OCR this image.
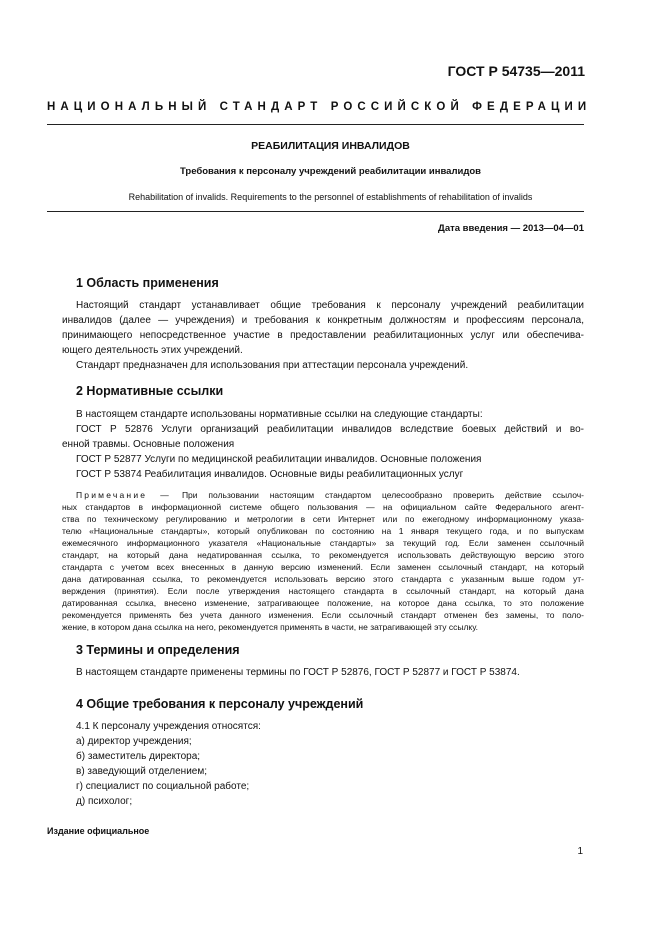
ГОСТ Р 54735—2011
НАЦИОНАЛЬНЫЙ СТАНДАРТ РОССИЙСКОЙ ФЕДЕРАЦИИ
РЕАБИЛИТАЦИЯ ИНВАЛИДОВ
Требования к персоналу учреждений реабилитации инвалидов
Rehabilitation of invalids. Requirements to the personnel of establishments of rehabilitation of invalids
Дата введения — 2013—04—01
1 Область применения
Настоящий стандарт устанавливает общие требования к персоналу учреждений реабилитации
инвалидов (далее — учреждения) и требования к конкретным должностям и профессиям персонала,
принимающего непосредственное участие в предоставлении реабилитационных услуг или обеспечива-
ющего деятельность этих учреждений.
Стандарт предназначен для использования при аттестации персонала учреждений.
2 Нормативные ссылки
В настоящем стандарте использованы нормативные ссылки на следующие стандарты:
ГОСТ Р 52876 Услуги организаций реабилитации инвалидов вследствие боевых действий и во-
енной травмы. Основные положения
ГОСТ Р 52877 Услуги по медицинской реабилитации инвалидов. Основные положения
ГОСТ Р 53874 Реабилитация инвалидов. Основные виды реабилитационных услуг
Примечание — При пользовании настоящим стандартом целесообразно проверить действие ссылоч-
ных стандартов в информационной системе общего пользования — на официальном сайте Федерального агент-
ства по техническому регулированию и метрологии в сети Интернет или по ежегодному информационному указа-
телю «Национальные стандарты», который опубликован по состоянию на 1 января текущего года, и по выпускам
ежемесячного информационного указателя «Национальные стандарты» за текущий год. Если заменен ссылочный
стандарт, на который дана недатированная ссылка, то рекомендуется использовать действующую версию этого
стандарта с учетом всех внесенных в данную версию изменений. Если заменен ссылочный стандарт, на который
дана датированная ссылка, то рекомендуется использовать версию этого стандарта с указанным выше годом ут-
верждения (принятия). Если после утверждения настоящего стандарта в ссылочный стандарт, на который дана
датированная ссылка, внесено изменение, затрагивающее положение, на которое дана ссылка, то это положение
рекомендуется применять без учета данного изменения. Если ссылочный стандарт отменен без замены, то поло-
жение, в котором дана ссылка на него, рекомендуется применять в части, не затрагивающей эту ссылку.
3 Термины и определения
В настоящем стандарте применены термины по ГОСТ Р 52876, ГОСТ Р 52877 и ГОСТ Р 53874.
4 Общие требования к персоналу учреждений
4.1 К персоналу учреждения относятся:
а) директор учреждения;
б) заместитель директора;
в) заведующий отделением;
г) специалист по социальной работе;
д) психолог;
Издание официальное
1
